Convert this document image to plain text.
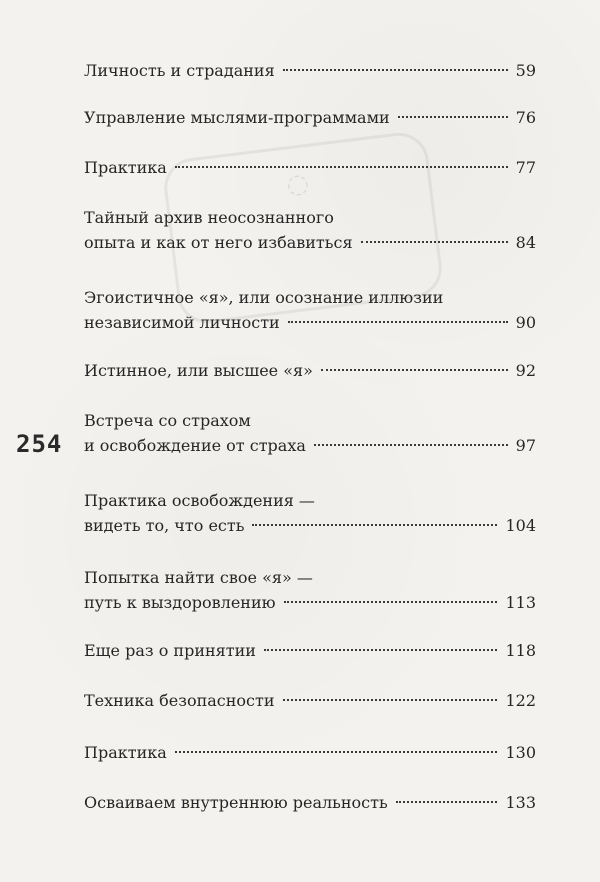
◌
254
Личность и страдания	59
Управление мыслями-программами	76
Практика	77
Тайный архив неосознанного
опыта и как от него избавиться	84
Эгоистичное «я», или осознание иллюзии
независимой личности	90
Истинное, или высшее «я»	92
Встреча со страхом
и освобождение от страха	97
Практика освобождения —
видеть то, что есть	104
Попытка найти свое «я» —
путь к выздоровлению	113
Еще раз о принятии	118
Техника безопасности	122
Практика	130
Осваиваем внутреннюю реальность	133
